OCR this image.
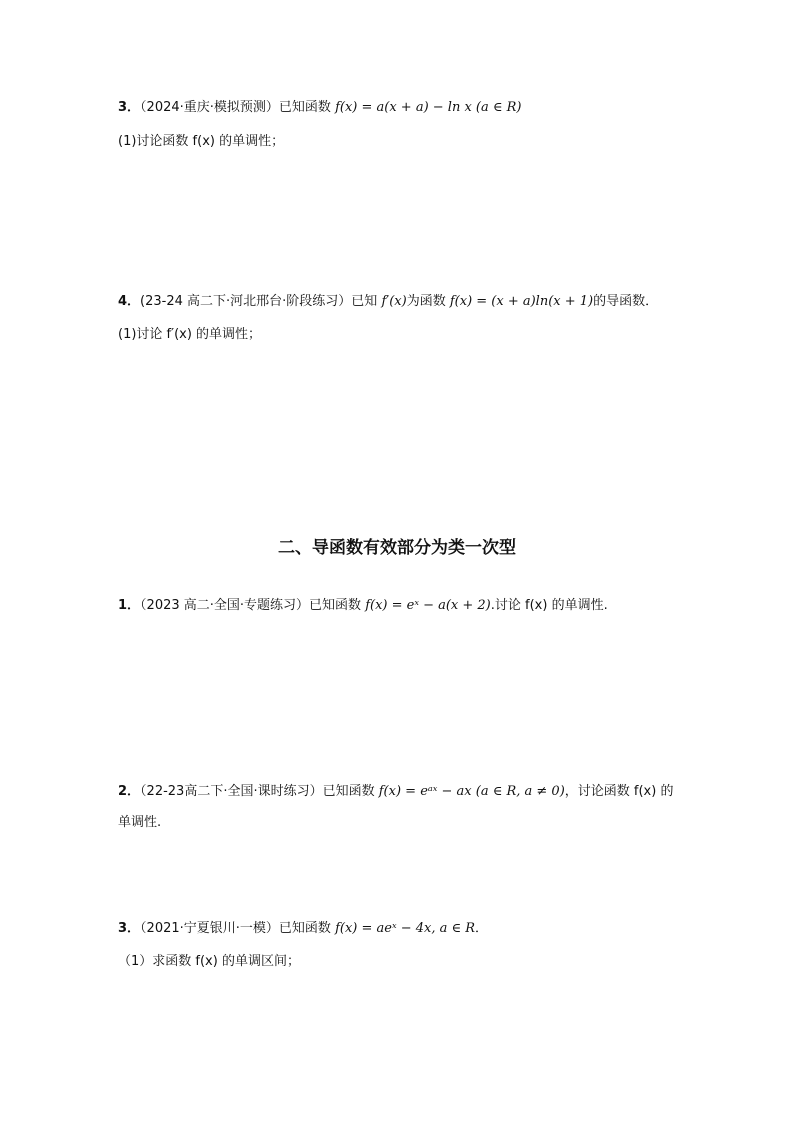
3．（2024·重庆·模拟预测）已知函数 f(x) = a(x + a) − ln x (a ∈ R)
(1)讨论函数 f(x) 的单调性；
4．(23-24 高二下·河北邢台·阶段练习）已知 f′(x)为函数 f(x) = (x + a)ln(x + 1)的导函数．
(1)讨论 f′(x) 的单调性；
二、导函数有效部分为类一次型
1．（2023 高二·全国·专题练习）已知函数 f(x) = eˣ − a(x + 2).讨论 f(x) 的单调性.
2．（22-23高二下·全国·课时练习）已知函数 f(x) = eᵃˣ − ax (a ∈ R, a ≠ 0)，讨论函数 f(x) 的
单调性.
3．（2021·宁夏银川·一模）已知函数 f(x) = aeˣ − 4x, a ∈ R．
（1）求函数 f(x) 的单调区间；
